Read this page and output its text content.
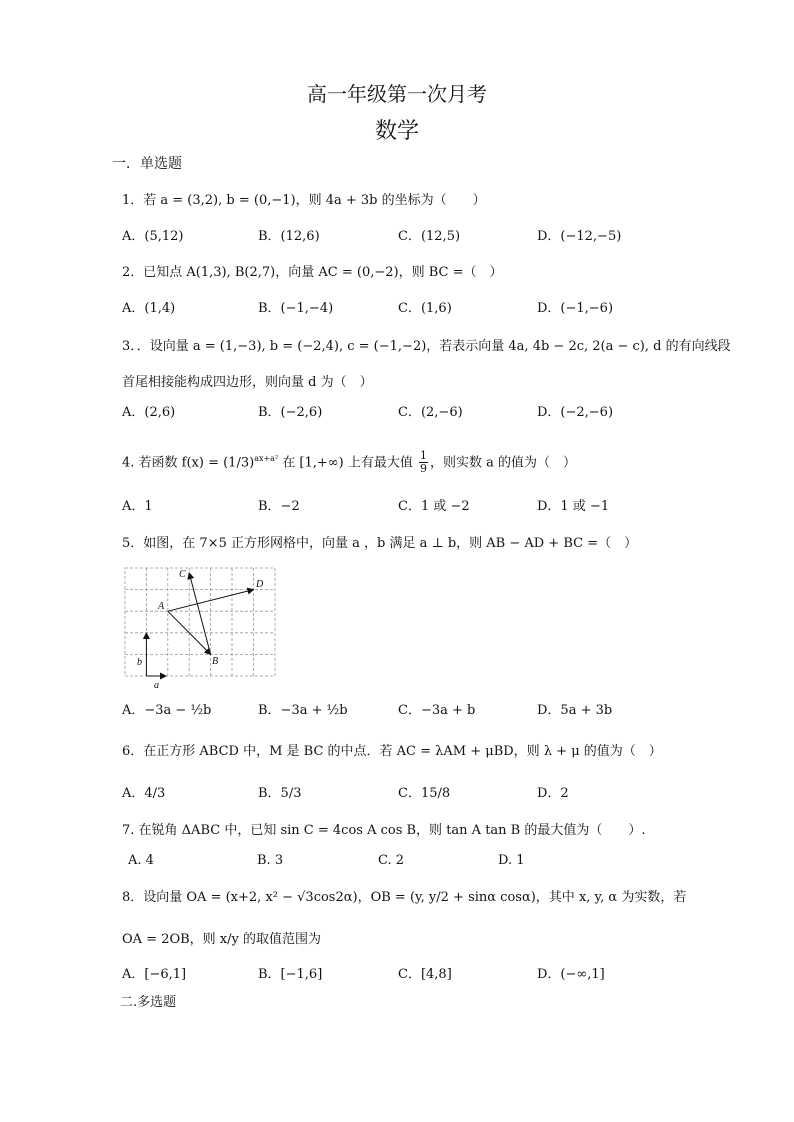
高一年级第一次月考
数学
一．单选题
1．若 a = (3,2), b = (0,−1)，则 4a + 3b 的坐标为（　　）
A．(5,12)	B．(12,6)	C．(12,5)	D．(−12,−5)
2．已知点 A(1,3), B(2,7)，向量 AC = (0,−2)，则 BC =（　）
A．(1,4)	B．(−1,−4)	C．(1,6)	D．(−1,−6)
3．．设向量 a = (1,−3), b = (−2,4), c = (−1,−2)，若表示向量 4a, 4b − 2c, 2(a − c), d 的有向线段
首尾相接能构成四边形，则向量 d 为（　）
A．(2,6)	B．(−2,6)	C．(2,−6)	D．(−2,−6)
4. 若函数 $f(x) = (1/3)^{ax+a^2}$ 在 [1,+∞) 上有最大值 $\frac{1}{9}$ ，则实数 a 的值为（　）
A．1	B．−2	C．1 或 −2	D．1 或 −1
5．如图，在 7×5 正方形网格中，向量 a ，b 满足 a ⊥ b，则 AB − AD + BC =（　）
C
D
A
B
b
a
A．−3a − ½b	B．−3a + ½b	C．−3a + b	D．5a + 3b
6．在正方形 ABCD 中，M 是 BC 的中点．若 AC = λAM + μBD，则 λ + μ 的值为（　）
A．4/3	B．5/3	C．15/8	D．2
7. 在锐角 ΔABC 中，已知 sin C = 4cos A cos B，则 tan A tan B 的最大值为（　　）.
A. 4	B. 3	C. 2	D. 1
8．设向量 OA = (x+2, x² − √3cos2α)，OB = (y, y/2 + sinα cosα)，其中 x, y, α 为实数，若
OA = 2OB，则 x/y 的取值范围为
A．[−6,1]	B．[−1,6]	C．[4,8]	D．(−∞,1]
二.多选题
